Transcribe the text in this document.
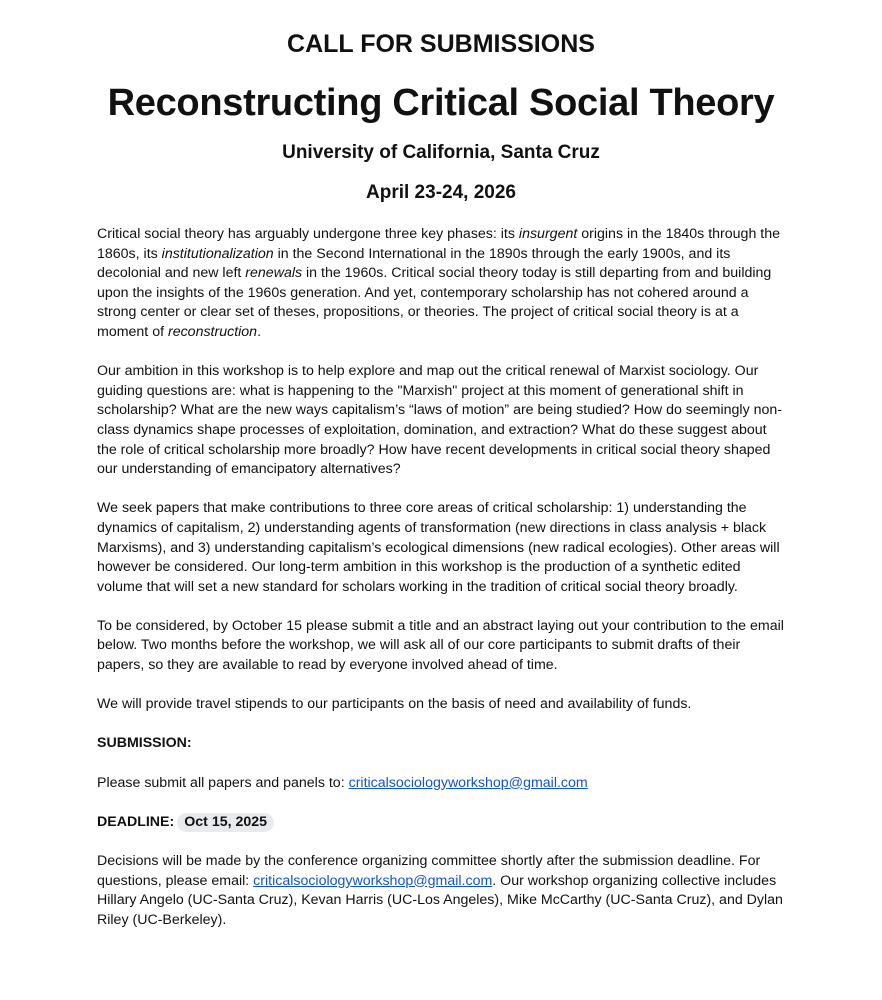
CALL FOR SUBMISSIONS
Reconstructing Critical Social Theory
University of California, Santa Cruz
April 23-24, 2026

Critical social theory has arguably undergone three key phases: its insurgent origins in the 1840s through the 1860s, its institutionalization in the Second International in the 1890s through the early 1900s, and its decolonial and new left renewals in the 1960s. Critical social theory today is still departing from and building upon the insights of the 1960s generation. And yet, contemporary scholarship has not cohered around a strong center or clear set of theses, propositions, or theories. The project of critical social theory is at a moment of reconstruction.

Our ambition in this workshop is to help explore and map out the critical renewal of Marxist sociology. Our guiding questions are: what is happening to the "Marxish" project at this moment of generational shift in scholarship? What are the new ways capitalism’s “laws of motion” are being studied? How do seemingly non-class dynamics shape processes of exploitation, domination, and extraction? What do these suggest about the role of critical scholarship more broadly? How have recent developments in critical social theory shaped our understanding of emancipatory alternatives?

We seek papers that make contributions to three core areas of critical scholarship: 1) understanding the dynamics of capitalism, 2) understanding agents of transformation (new directions in class analysis + black Marxisms), and 3) understanding capitalism’s ecological dimensions (new radical ecologies). Other areas will however be considered. Our long-term ambition in this workshop is the production of a synthetic edited volume that will set a new standard for scholars working in the tradition of critical social theory broadly.

To be considered, by October 15 please submit a title and an abstract laying out your contribution to the email below. Two months before the workshop, we will ask all of our core participants to submit drafts of their papers, so they are available to read by everyone involved ahead of time.

We will provide travel stipends to our participants on the basis of need and availability of funds.

SUBMISSION:

Please submit all papers and panels to: criticalsociologyworkshop@gmail.com

DEADLINE: Oct 15, 2025

Decisions will be made by the conference organizing committee shortly after the submission deadline. For questions, please email: criticalsociologyworkshop@gmail.com. Our workshop organizing collective includes Hillary Angelo (UC-Santa Cruz), Kevan Harris (UC-Los Angeles), Mike McCarthy (UC-Santa Cruz), and Dylan Riley (UC-Berkeley).
